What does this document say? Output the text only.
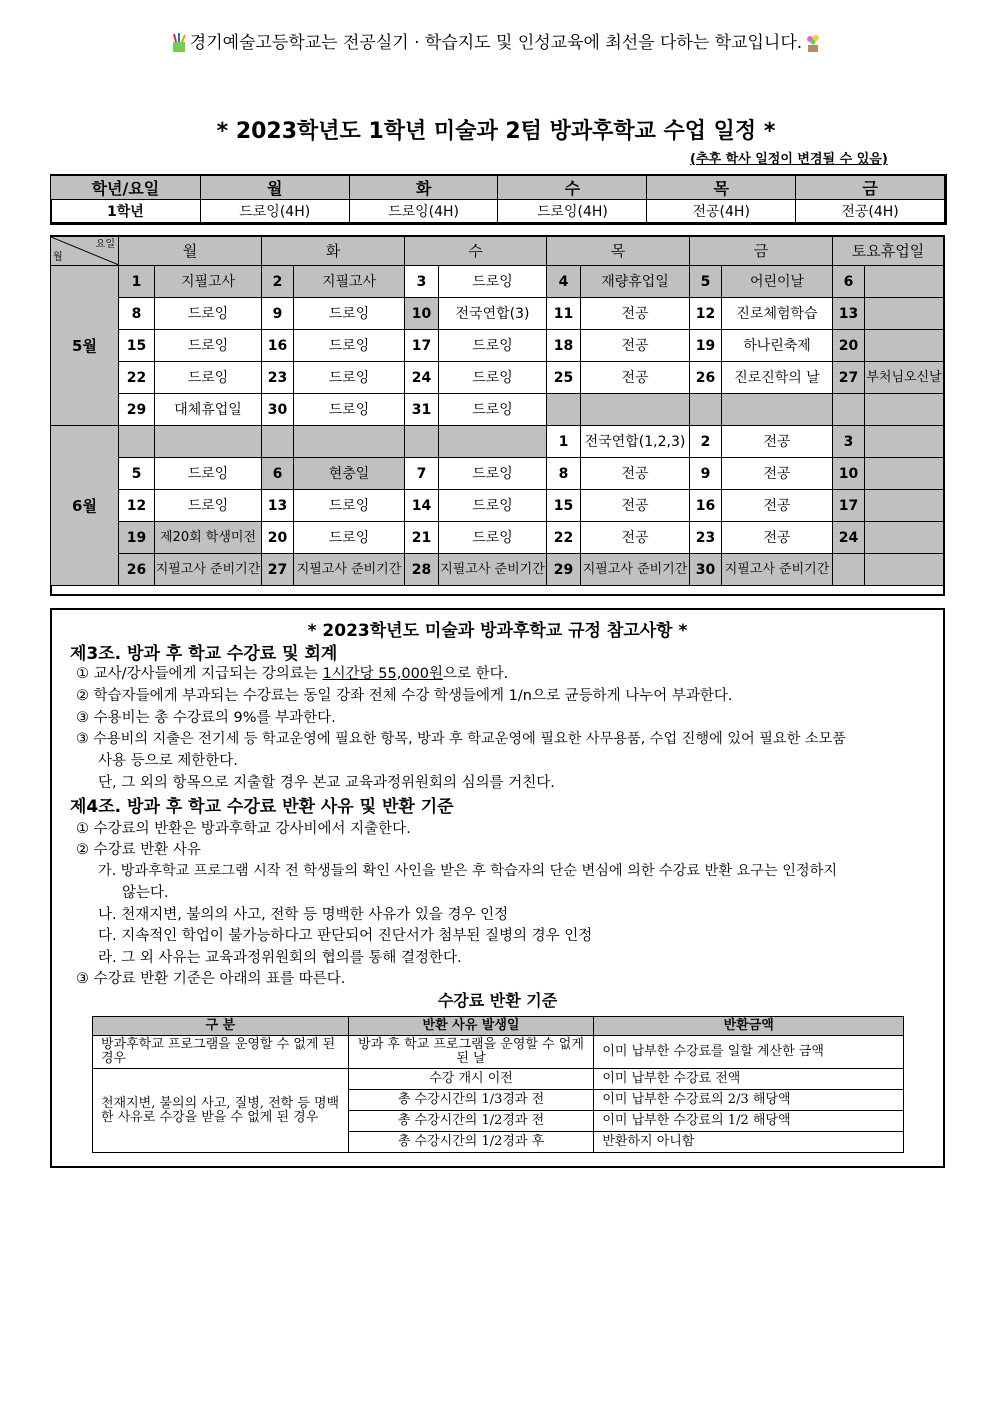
경기예술고등학교는 전공실기 · 학습지도 및 인성교육에 최선을 다하는 학교입니다.
* 2023학년도 1학년 미술과 2텀 방과후학교 수업 일정 *
(추후 학사 일정이 변경될 수 있음)
학년/요일	월	화	수	목	금
1학년	드로잉(4H)	드로잉(4H)	드로잉(4H)	전공(4H)	전공(4H)
요일
월	월		화		수		목		금		토요휴업일	
5월	1	지필고사	2	지필고사	3	드로잉	4	재량휴업일	5	어린이날	6	
	8	드로잉	9	드로잉	10	전국연합(3)	11	전공	12	진로체험학습	13	
	15	드로잉	16	드로잉	17	드로잉	18	전공	19	하나린축제	20	
	22	드로잉	23	드로잉	24	드로잉	25	전공	26	진로진학의 날	27	부처님오신날
	29	대체휴업일	30	드로잉	31	드로잉						
6월							1	전국연합(1,2,3)	2	전공	3	
	5	드로잉	6	현충일	7	드로잉	8	전공	9	전공	10	
	12	드로잉	13	드로잉	14	드로잉	15	전공	16	전공	17	
	19	제20회 학생미전	20	드로잉	21	드로잉	22	전공	23	전공	24	
	26	지필고사 준비기간	27	지필고사 준비기간	28	지필고사 준비기간	29	지필고사 준비기간	30	지필고사 준비기간		
* 2023학년도 미술과 방과후학교 규정 참고사항 *
제3조. 방과 후 학교 수강료 및 회계
① 교사/강사들에게 지급되는 강의료는 1시간당 55,000원으로 한다.
② 학습자들에게 부과되는 수강료는 동일 강좌 전체 수강 학생들에게 1/n으로 균등하게 나누어 부과한다.
③ 수용비는 총 수강료의 9%를 부과한다.
③ 수용비의 지출은 전기세 등 학교운영에 필요한 항목, 방과 후 학교운영에 필요한 사무용품, 수업 진행에 있어 필요한 소모품
사용 등으로 제한한다.
단, 그 외의 항목으로 지출할 경우 본교 교육과정위원회의 심의를 거친다.
제4조. 방과 후 학교 수강료 반환 사유 및 반환 기준
① 수강료의 반환은 방과후학교 강사비에서 지출한다.
② 수강료 반환 사유
가. 방과후학교 프로그램 시작 전 학생들의 확인 사인을 받은 후 학습자의 단순 변심에 의한 수강료 반환 요구는 인정하지
않는다.
나. 천재지변, 불의의 사고, 전학 등 명백한 사유가 있을 경우 인정
다. 지속적인 학업이 불가능하다고 판단되어 진단서가 첨부된 질병의 경우 인정
라. 그 외 사유는 교육과정위원회의 협의를 통해 결정한다.
③ 수강료 반환 기준은 아래의 표를 따른다.
수강료 반환 기준
구 분	반환 사유 발생일	반환금액
방과후학교 프로그램을 운영할 수 없게 된 경우	방과 후 학교 프로그램을 운영할 수 없게 된 날	이미 납부한 수강료를 일할 계산한 금액
천재지변, 불의의 사고, 질병, 전학 등 명백한 사유로 수강을 받을 수 없게 된 경우	수강 개시 이전	이미 납부한 수강료 전액
	총 수강시간의 1/3경과 전	이미 납부한 수강료의 2/3 해당액
	총 수강시간의 1/2경과 전	이미 납부한 수강료의 1/2 해당액
	총 수강시간의 1/2경과 후	반환하지 아니함
